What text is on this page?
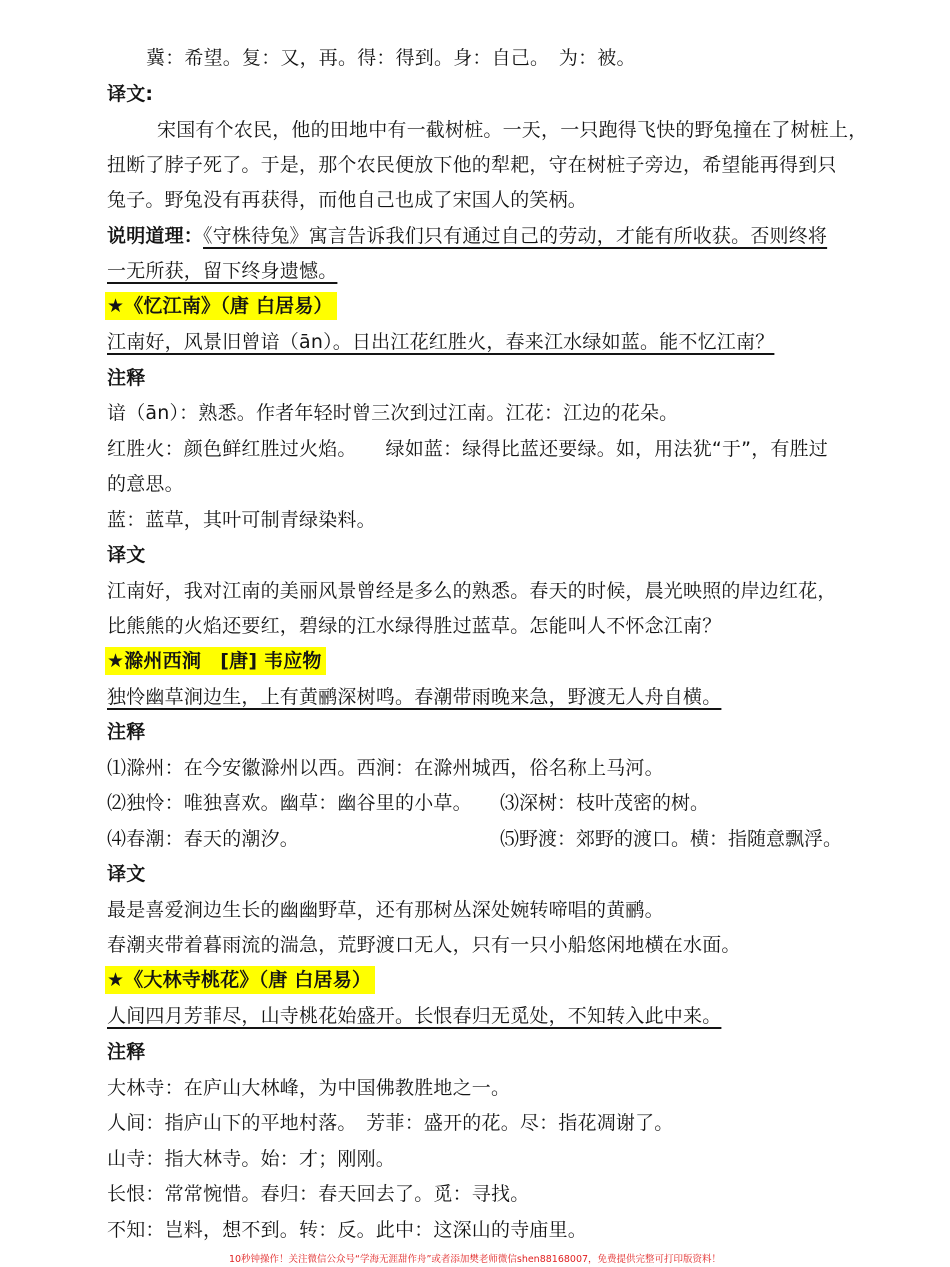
冀：希望。复：又，再。得：得到。身：自己。　为：被。
译文:
宋国有个农民，他的田地中有一截树桩。一天，一只跑得飞快的野兔撞在了树桩上，
扭断了脖子死了。于是，那个农民便放下他的犁耙，守在树桩子旁边，希望能再得到只
兔子。野兔没有再获得，而他自己也成了宋国人的笑柄。
说明道理：《守株待兔》寓言告诉我们只有通过自己的劳动，才能有所收获。否则终将
一无所获，留下终身遗憾。
★《忆江南》（唐 白居易）
江南好，风景旧曾谙（ān）。日出江花红胜火，春来江水绿如蓝。能不忆江南？
注释
谙（ān）：熟悉。作者年轻时曾三次到过江南。江花：江边的花朵。
红胜火：颜色鲜红胜过火焰。　　绿如蓝：绿得比蓝还要绿。如，用法犹“于”，有胜过
的意思。
蓝：蓝草，其叶可制青绿染料。
译文
江南好，我对江南的美丽风景曾经是多么的熟悉。春天的时候，晨光映照的岸边红花，
比熊熊的火焰还要红，碧绿的江水绿得胜过蓝草。怎能叫人不怀念江南？
★滁州西涧　[唐] 韦应物
独怜幽草涧边生，上有黄鹂深树鸣。春潮带雨晚来急，野渡无人舟自横。
注释
⑴滁州：在今安徽滁州以西。西涧：在滁州城西，俗名称上马河。
⑵独怜：唯独喜欢。幽草：幽谷里的小草。 ⑶深树：枝叶茂密的树。
⑷春潮：春天的潮汐。	⑸野渡：郊野的渡口。横：指随意飘浮。
译文
最是喜爱涧边生长的幽幽野草，还有那树丛深处婉转啼唱的黄鹂。
春潮夹带着暮雨流的湍急，荒野渡口无人，只有一只小船悠闲地横在水面。
★《大林寺桃花》（唐 白居易）
人间四月芳菲尽，山寺桃花始盛开。长恨春归无觅处，不知转入此中来。
注释
大林寺：在庐山大林峰，为中国佛教胜地之一。
人间：指庐山下的平地村落。　芳菲：盛开的花。尽：指花凋谢了。
山寺：指大林寺。始：才；刚刚。
长恨：常常惋惜。春归：春天回去了。觅：寻找。
不知：岂料，想不到。转：反。此中：这深山的寺庙里。
10秒钟操作！关注微信公众号“学海无涯甜作舟”或者添加樊老师微信shen88168007，免费提供完整可打印版资料！
